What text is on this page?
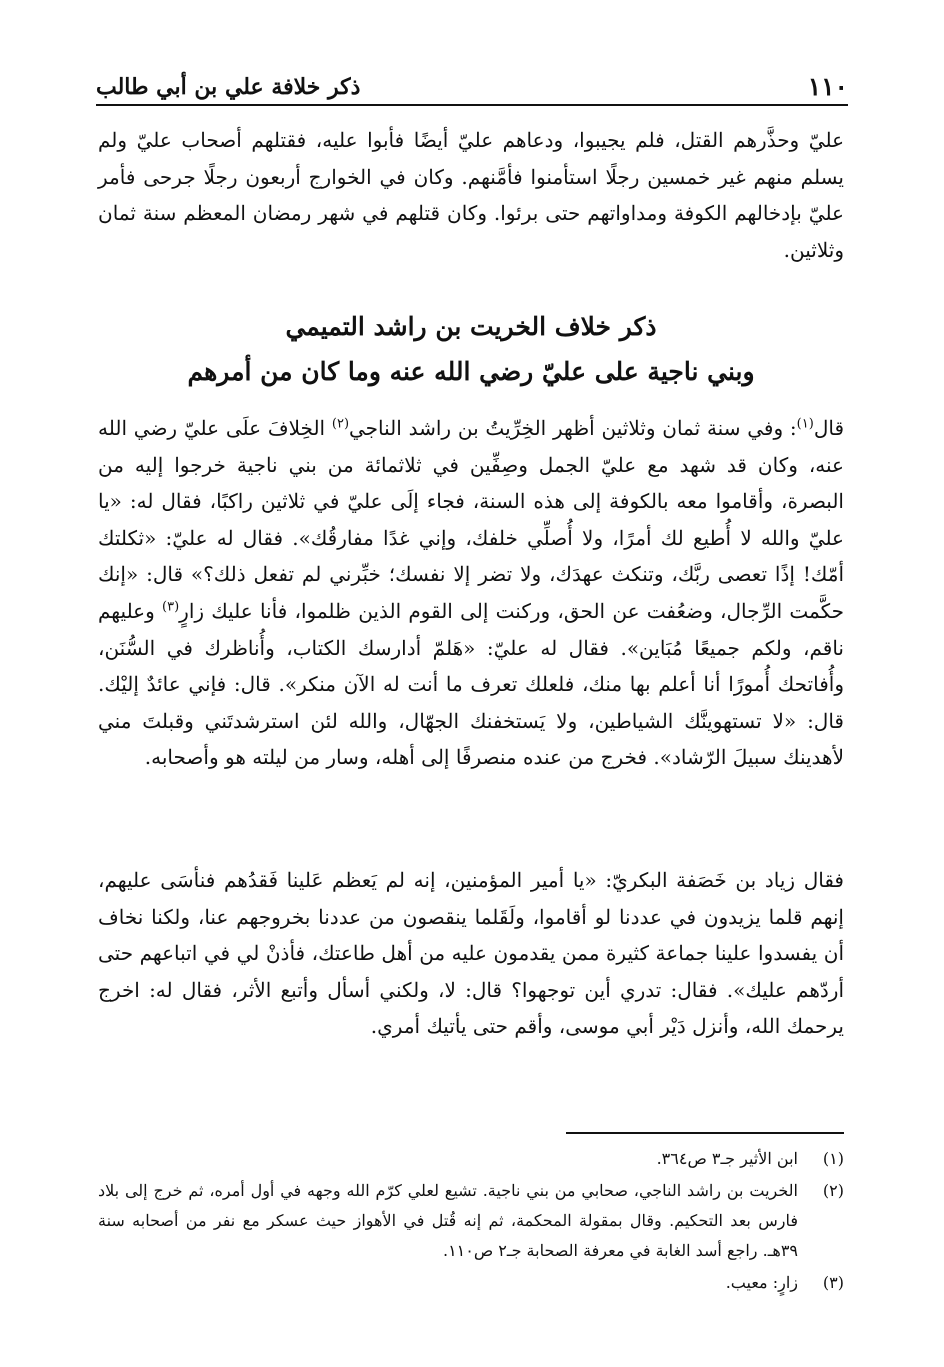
١١٠
ذكر خلافة علي بن أبي طالب

عليّ وحذَّرهم القتل، فلم يجيبوا، ودعاهم عليّ أيضًا فأبوا عليه، فقتلهم أصحاب عليّ ولم يسلم منهم غير خمسين رجلًا استأمنوا فأمَّنهم. وكان في الخوارج أربعون رجلًا جرحى فأمر عليّ بإدخالهم الكوفة ومداواتهم حتى برئوا. وكان قتلهم في شهر رمضان المعظم سنة ثمان وثلاثين.

ذكر خلاف الخريت بن راشد التميمي
وبني ناجية على عليّ رضي الله عنه وما كان من أمرهم

قال$^{(١)}$: وفي سنة ثمان وثلاثين أظهر الخِرِّيتُ بن راشد الناجي$^{(٢)}$ الخِلافَ علَى عليّ رضي الله عنه، وكان قد شهد مع عليّ الجمل وصِفِّين في ثلاثمائة من بني ناجية خرجوا إليه من البصرة، وأقاموا معه بالكوفة إلى هذه السنة، فجاء إلَى عليّ في ثلاثين راكبًا، فقال له: «يا عليّ والله لا أُطيع لك أمرًا، ولا أُصلِّي خلفك، وإني غدًا مفارقُك». فقال له عليّ: «ثكلتك أمّك! إذًا تعصى ربَّك، وتنكث عهدَك، ولا تضر إلا نفسك؛ خبِّرني لم تفعل ذلك؟» قال: «إنك حكَّمت الرِّجال، وضعُفت عن الحق، وركنت إلى القوم الذين ظلموا، فأنا عليك زارٍ$^{(٣)}$ وعليهم ناقم، ولكم جميعًا مُبَاين». فقال له عليّ: «هَلمّ أدارسك الكتاب، وأُناظرك في السُّنَن، وأُفاتحك أُمورًا أنا أعلم بها منك، فلعلك تعرف ما أنت له الآن منكر». قال: فإني عائدٌ إليْك. قال: «لا تستهوينَّك الشياطين، ولا يَستخفنك الجهّال، والله لئن استرشدتَني وقبلتَ مني لأهدينك سبيلَ الرّشاد». فخرج من عنده منصرفًا إلى أهله، وسار من ليلته هو وأصحابه.

فقال زياد بن خَصَفة البكريّ: «يا أمير المؤمنين، إنه لم يَعظم عَلينا فَقدُهم فنأسَى عليهم، إنهم قلما يزيدون في عددنا لو أقاموا، ولَقَلما ينقصون من عددنا بخروجهم عنا، ولكنا نخاف أن يفسدوا علينا جماعة كثيرة ممن يقدمون عليه من أهل طاعتك، فأذنْ لي في اتباعهم حتى أردّهم عليك». فقال: تدري أين توجهوا؟ قال: لا، ولكني أسأل وأتبع الأثر، فقال له: اخرج يرحمك الله، وأنزل دَيْر أبي موسى، وأقم حتى يأتيك أمري.

(١)
ابن الأثير جـ٣ ص٣٦٤.
(٢)
الخريت بن راشد الناجي، صحابي من بني ناجية. تشيع لعلي كرّم الله وجهه في أول أمره، ثم خرج إلى بلاد فارس بعد التحكيم. وقال بمقولة المحكمة، ثم إنه قُتل في الأهواز حيث عسكر مع نفر من أصحابه سنة ٣٩هـ. راجع أسد الغابة في معرفة الصحابة جـ٢ ص١١٠.
(٣)
زارٍ: معيب.
